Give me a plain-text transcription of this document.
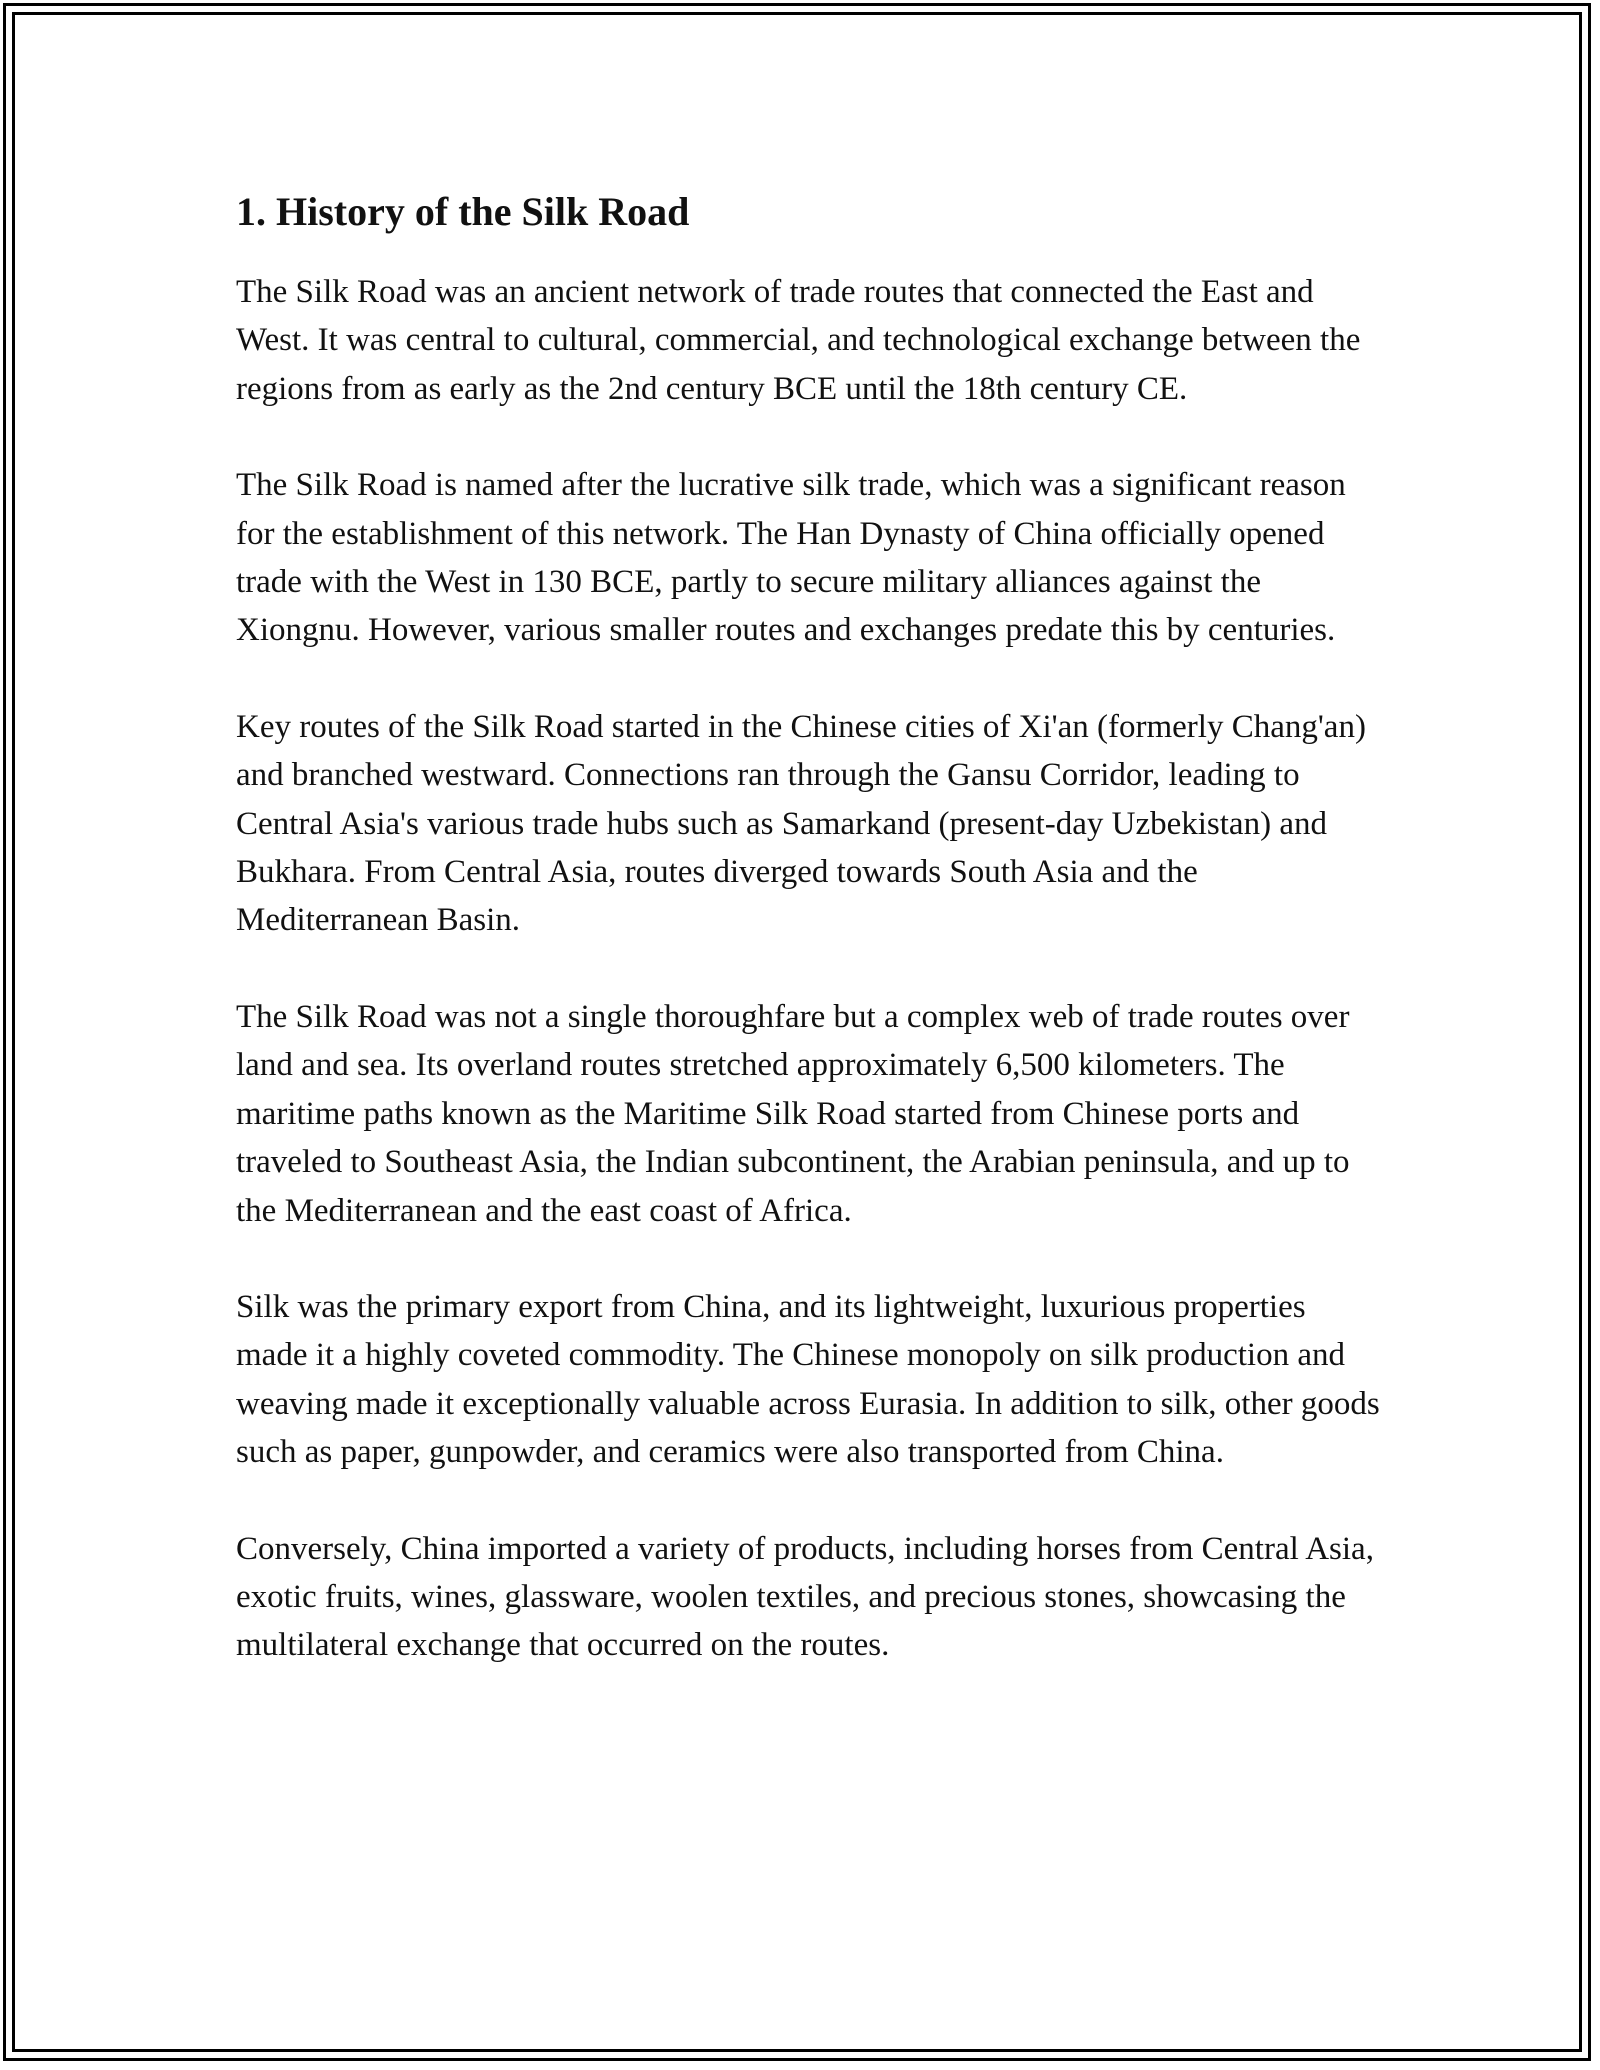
1. History of the Silk Road

The Silk Road was an ancient network of trade routes that connected the East and West. It was central to cultural, commercial, and technological exchange between the regions from as early as the 2nd century BCE until the 18th century CE.

The Silk Road is named after the lucrative silk trade, which was a significant reason for the establishment of this network. The Han Dynasty of China officially opened trade with the West in 130 BCE, partly to secure military alliances against the Xiongnu. However, various smaller routes and exchanges predate this by centuries.

Key routes of the Silk Road started in the Chinese cities of Xi'an (formerly Chang'an) and branched westward. Connections ran through the Gansu Corridor, leading to Central Asia's various trade hubs such as Samarkand (present-day Uzbekistan) and Bukhara. From Central Asia, routes diverged towards South Asia and the Mediterranean Basin.

The Silk Road was not a single thoroughfare but a complex web of trade routes over land and sea. Its overland routes stretched approximately 6,500 kilometers. The maritime paths known as the Maritime Silk Road started from Chinese ports and traveled to Southeast Asia, the Indian subcontinent, the Arabian peninsula, and up to the Mediterranean and the east coast of Africa.

Silk was the primary export from China, and its lightweight, luxurious properties made it a highly coveted commodity. The Chinese monopoly on silk production and weaving made it exceptionally valuable across Eurasia. In addition to silk, other goods such as paper, gunpowder, and ceramics were also transported from China.

Conversely, China imported a variety of products, including horses from Central Asia, exotic fruits, wines, glassware, woolen textiles, and precious stones, showcasing the multilateral exchange that occurred on the routes.
